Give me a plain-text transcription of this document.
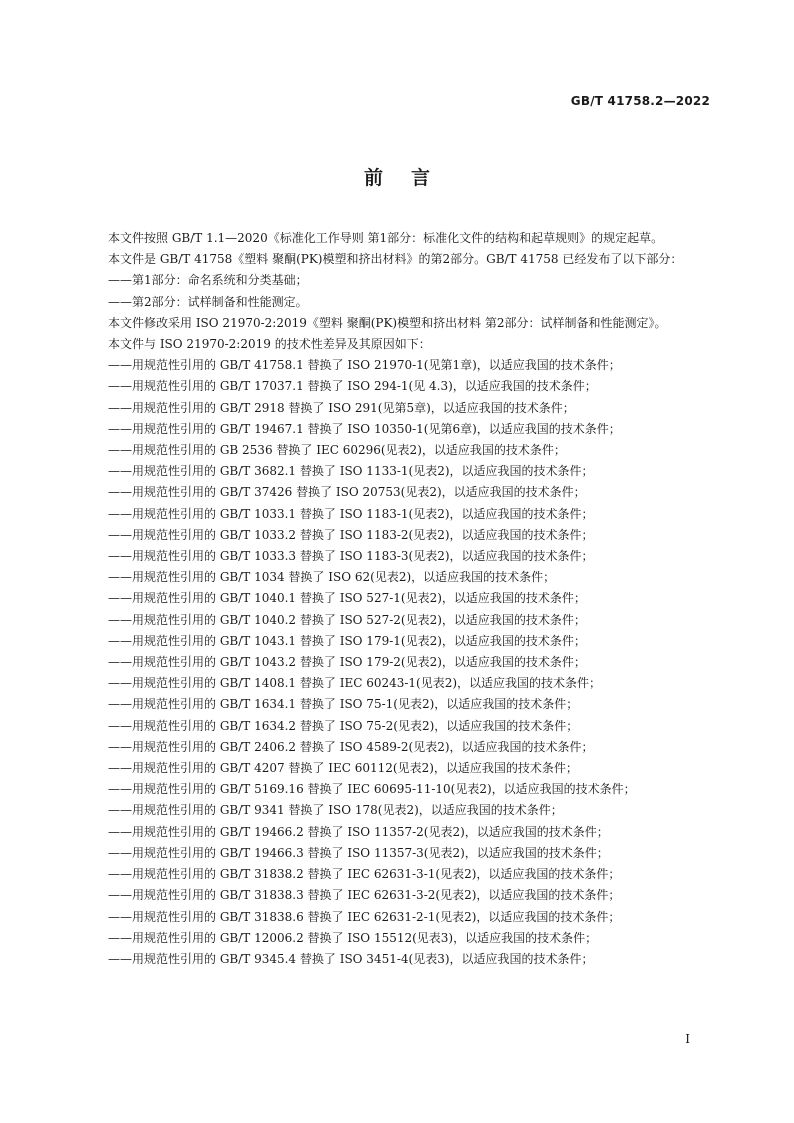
GB/T 41758.2—2022
前言

本文件按照 GB/T 1.1—2020《标准化工作导则 第1部分：标准化文件的结构和起草规则》的规定起草。

本文件是 GB/T 41758《塑料 聚酮(PK)模塑和挤出材料》的第2部分。GB/T 41758 已经发布了以下部分：

——第1部分：命名系统和分类基础；

——第2部分：试样制备和性能测定。

本文件修改采用 ISO 21970-2:2019《塑料 聚酮(PK)模塑和挤出材料 第2部分：试样制备和性能测定》。

本文件与 ISO 21970-2:2019 的技术性差异及其原因如下：

——用规范性引用的 GB/T 41758.1 替换了 ISO 21970-1(见第1章)，以适应我国的技术条件；

——用规范性引用的 GB/T 17037.1 替换了 ISO 294-1(见 4.3)，以适应我国的技术条件；

——用规范性引用的 GB/T 2918 替换了 ISO 291(见第5章)，以适应我国的技术条件；

——用规范性引用的 GB/T 19467.1 替换了 ISO 10350-1(见第6章)，以适应我国的技术条件；

——用规范性引用的 GB 2536 替换了 IEC 60296(见表2)，以适应我国的技术条件；

——用规范性引用的 GB/T 3682.1 替换了 ISO 1133-1(见表2)，以适应我国的技术条件；

——用规范性引用的 GB/T 37426 替换了 ISO 20753(见表2)，以适应我国的技术条件；

——用规范性引用的 GB/T 1033.1 替换了 ISO 1183-1(见表2)，以适应我国的技术条件；

——用规范性引用的 GB/T 1033.2 替换了 ISO 1183-2(见表2)，以适应我国的技术条件；

——用规范性引用的 GB/T 1033.3 替换了 ISO 1183-3(见表2)，以适应我国的技术条件；

——用规范性引用的 GB/T 1034 替换了 ISO 62(见表2)，以适应我国的技术条件；

——用规范性引用的 GB/T 1040.1 替换了 ISO 527-1(见表2)，以适应我国的技术条件；

——用规范性引用的 GB/T 1040.2 替换了 ISO 527-2(见表2)，以适应我国的技术条件；

——用规范性引用的 GB/T 1043.1 替换了 ISO 179-1(见表2)，以适应我国的技术条件；

——用规范性引用的 GB/T 1043.2 替换了 ISO 179-2(见表2)，以适应我国的技术条件；

——用规范性引用的 GB/T 1408.1 替换了 IEC 60243-1(见表2)，以适应我国的技术条件；

——用规范性引用的 GB/T 1634.1 替换了 ISO 75-1(见表2)，以适应我国的技术条件；

——用规范性引用的 GB/T 1634.2 替换了 ISO 75-2(见表2)，以适应我国的技术条件；

——用规范性引用的 GB/T 2406.2 替换了 ISO 4589-2(见表2)，以适应我国的技术条件；

——用规范性引用的 GB/T 4207 替换了 IEC 60112(见表2)，以适应我国的技术条件；

——用规范性引用的 GB/T 5169.16 替换了 IEC 60695-11-10(见表2)，以适应我国的技术条件；

——用规范性引用的 GB/T 9341 替换了 ISO 178(见表2)，以适应我国的技术条件；

——用规范性引用的 GB/T 19466.2 替换了 ISO 11357-2(见表2)，以适应我国的技术条件；

——用规范性引用的 GB/T 19466.3 替换了 ISO 11357-3(见表2)，以适应我国的技术条件；

——用规范性引用的 GB/T 31838.2 替换了 IEC 62631-3-1(见表2)，以适应我国的技术条件；

——用规范性引用的 GB/T 31838.3 替换了 IEC 62631-3-2(见表2)，以适应我国的技术条件；

——用规范性引用的 GB/T 31838.6 替换了 IEC 62631-2-1(见表2)，以适应我国的技术条件；

——用规范性引用的 GB/T 12006.2 替换了 ISO 15512(见表3)，以适应我国的技术条件；

——用规范性引用的 GB/T 9345.4 替换了 ISO 3451-4(见表3)，以适应我国的技术条件；

I
